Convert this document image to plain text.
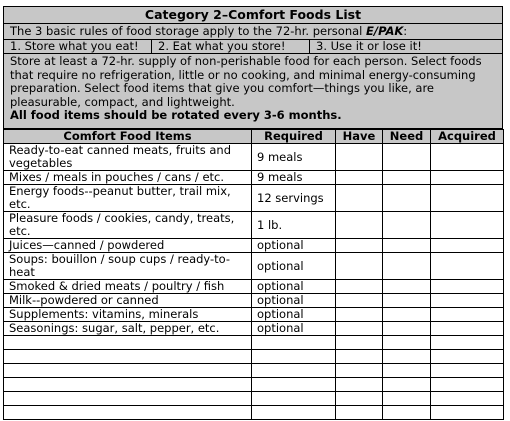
Category 2–Comfort Foods List
The 3 basic rules of food storage apply to the 72-hr. personal E/PAK:
1. Store what you eat!	2. Eat what you store!	3. Use it or lose it!
Store at least a 72-hr. supply of non-perishable food for each person. Select foods that require no refrigeration, little or no cooking, and minimal energy-consuming preparation. Select food items that give you comfort—things you like, are pleasurable, compact, and lightweight.
All food items should be rotated every 3-6 months.
Comfort Food Items	Required	Have	Need	Acquired
Ready-to-eat canned meats, fruits and vegetables	9 meals			
Mixes / meals in pouches / cans / etc.	9 meals			
Energy foods--peanut butter, trail mix, etc.	12 servings			
Pleasure foods / cookies, candy, treats, etc.	1 lb.			
Juices—canned / powdered	optional			
Soups: bouillon / soup cups / ready-to-heat	optional			
Smoked & dried meats / poultry / fish	optional			
Milk--powdered or canned	optional			
Supplements: vitamins, minerals	optional			
Seasonings: sugar, salt, pepper, etc.	optional			
